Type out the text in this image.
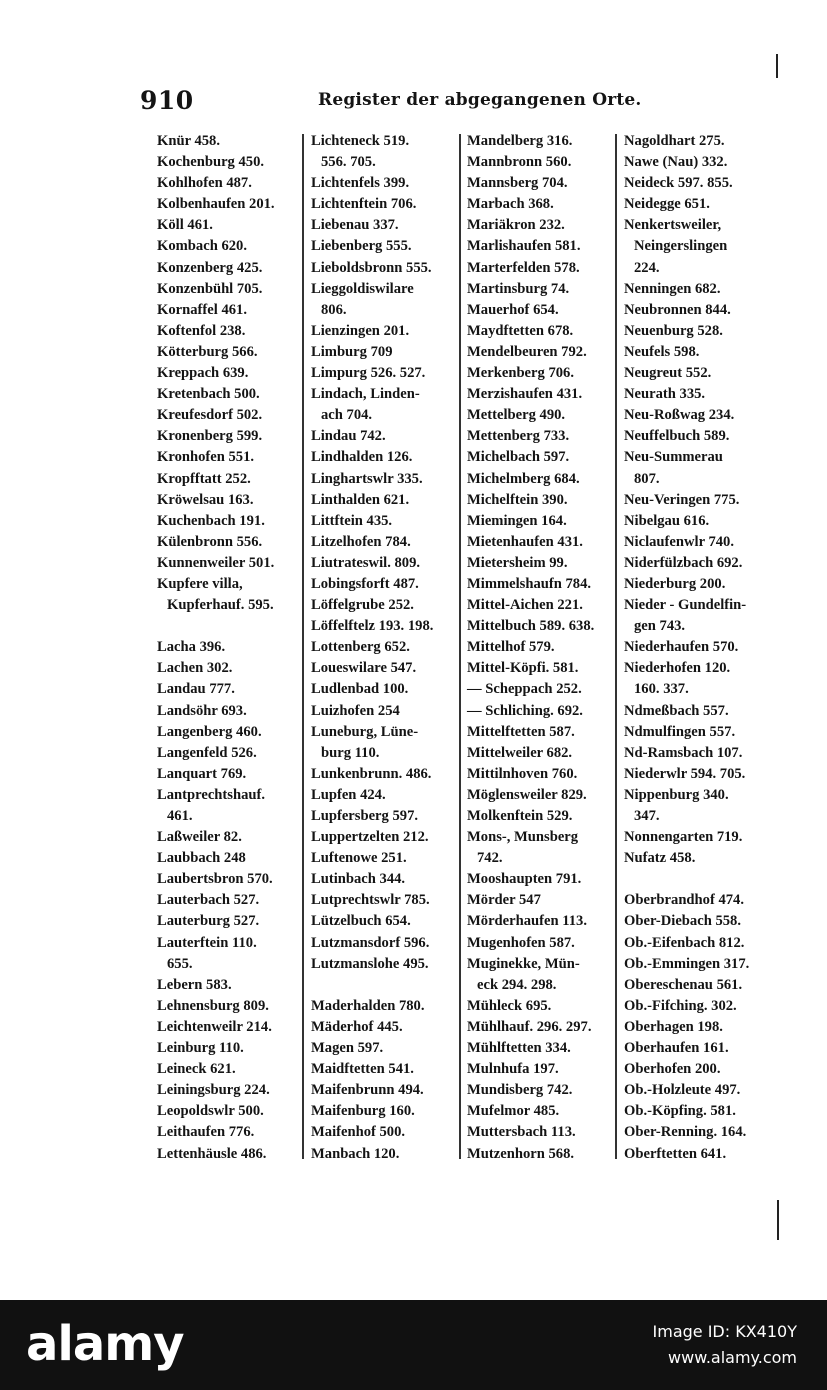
910	Register der abgegangenen Orte.
Knür 458.
Kochenburg 450.
Kohlhofen 487.
Kolbenhaufen 201.
Köll 461.
Kombach 620.
Konzenberg 425.
Konzenbühl 705.
Kornaffel 461.
Koftenfol 238.
Kötterburg 566.
Kreppach 639.
Kretenbach 500.
Kreufesdorf 502.
Kronenberg 599.
Kronhofen 551.
Kropfftatt 252.
Kröwelsau 163.
Kuchenbach 191.
Külenbronn 556.
Kunnenweiler 501.
Kupfere villa,
Kupferhauf. 595.
Lacha 396.
Lachen 302.
Landau 777.
Landsöhr 693.
Langenberg 460.
Langenfeld 526.
Lanquart 769.
Lantprechtshauf.
461.
Laßweiler 82.
Laubbach 248
Laubertsbron 570.
Lauterbach 527.
Lauterburg 527.
Lauterftein 110.
655.
Lebern 583.
Lehnensburg 809.
Leichtenweilr 214.
Leinburg 110.
Leineck 621.
Leiningsburg 224.
Leopoldswlr 500.
Leithaufen 776.
Lettenhäusle 486.
Lichteneck 519.
556. 705.
Lichtenfels 399.
Lichtenftein 706.
Liebenau 337.
Liebenberg 555.
Lieboldsbronn 555.
Lieggoldiswilare
806.
Lienzingen 201.
Limburg 709
Limpurg 526. 527.
Lindach, Linden-
ach 704.
Lindau 742.
Lindhalden 126.
Linghartswlr 335.
Linthalden 621.
Littftein 435.
Litzelhofen 784.
Liutrateswil. 809.
Lobingsforft 487.
Löffelgrube 252.
Löffelftelz 193. 198.
Lottenberg 652.
Loueswilare 547.
Ludlenbad 100.
Luizhofen 254
Luneburg, Lüne-
burg 110.
Lunkenbrunn. 486.
Lupfen 424.
Lupfersberg 597.
Luppertzelten 212.
Luftenowe 251.
Lutinbach 344.
Lutprechtswlr 785.
Lützelbuch 654.
Lutzmansdorf 596.
Lutzmanslohe 495.
Maderhalden 780.
Mäderhof 445.
Magen 597.
Maidftetten 541.
Maifenbrunn 494.
Maifenburg 160.
Maifenhof 500.
Manbach 120.
Mandelberg 316.
Mannbronn 560.
Mannsberg 704.
Marbach 368.
Mariäkron 232.
Marlishaufen 581.
Marterfelden 578.
Martinsburg 74.
Mauerhof 654.
Maydftetten 678.
Mendelbeuren 792.
Merkenberg 706.
Merzishaufen 431.
Mettelberg 490.
Mettenberg 733.
Michelbach 597.
Michelmberg 684.
Michelftein 390.
Miemingen 164.
Mietenhaufen 431.
Mietersheim 99.
Mimmelshaufn 784.
Mittel-Aichen 221.
Mittelbuch 589. 638.
Mittelhof 579.
Mittel-Köpfi. 581.
— Scheppach 252.
— Schliching. 692.
Mittelftetten 587.
Mittelweiler 682.
Mittilnhoven 760.
Möglensweiler 829.
Molkenftein 529.
Mons-, Munsberg
742.
Mooshaupten 791.
Mörder 547
Mörderhaufen 113.
Mugenhofen 587.
Muginekke, Mün-
eck 294. 298.
Mühleck 695.
Mühlhauf. 296. 297.
Mühlftetten 334.
Mulnhufa 197.
Mundisberg 742.
Mufelmor 485.
Muttersbach 113.
Mutzenhorn 568.
Nagoldhart 275.
Nawe (Nau) 332.
Neideck 597. 855.
Neidegge 651.
Nenkertsweiler,
Neingerslingen
224.
Nenningen 682.
Neubronnen 844.
Neuenburg 528.
Neufels 598.
Neugreut 552.
Neurath 335.
Neu-Roßwag 234.
Neuffelbuch 589.
Neu-Summerau
807.
Neu-Veringen 775.
Nibelgau 616.
Niclaufenwlr 740.
Niderfülzbach 692.
Niederburg 200.
Nieder - Gundelfin-
gen 743.
Niederhaufen 570.
Niederhofen 120.
160. 337.
Ndmeßbach 557.
Ndmulfingen 557.
Nd-Ramsbach 107.
Niederwlr 594. 705.
Nippenburg 340.
347.
Nonnengarten 719.
Nufatz 458.
Oberbrandhof 474.
Ober-Diebach 558.
Ob.-Eifenbach 812.
Ob.-Emmingen 317.
Obereschenau 561.
Ob.-Fifching. 302.
Oberhagen 198.
Oberhaufen 161.
Oberhofen 200.
Ob.-Holzleute 497.
Ob.-Köpfing. 581.
Ober-Renning. 164.
Oberftetten 641.
alamy	Image ID: KX410Y
www.alamy.com
